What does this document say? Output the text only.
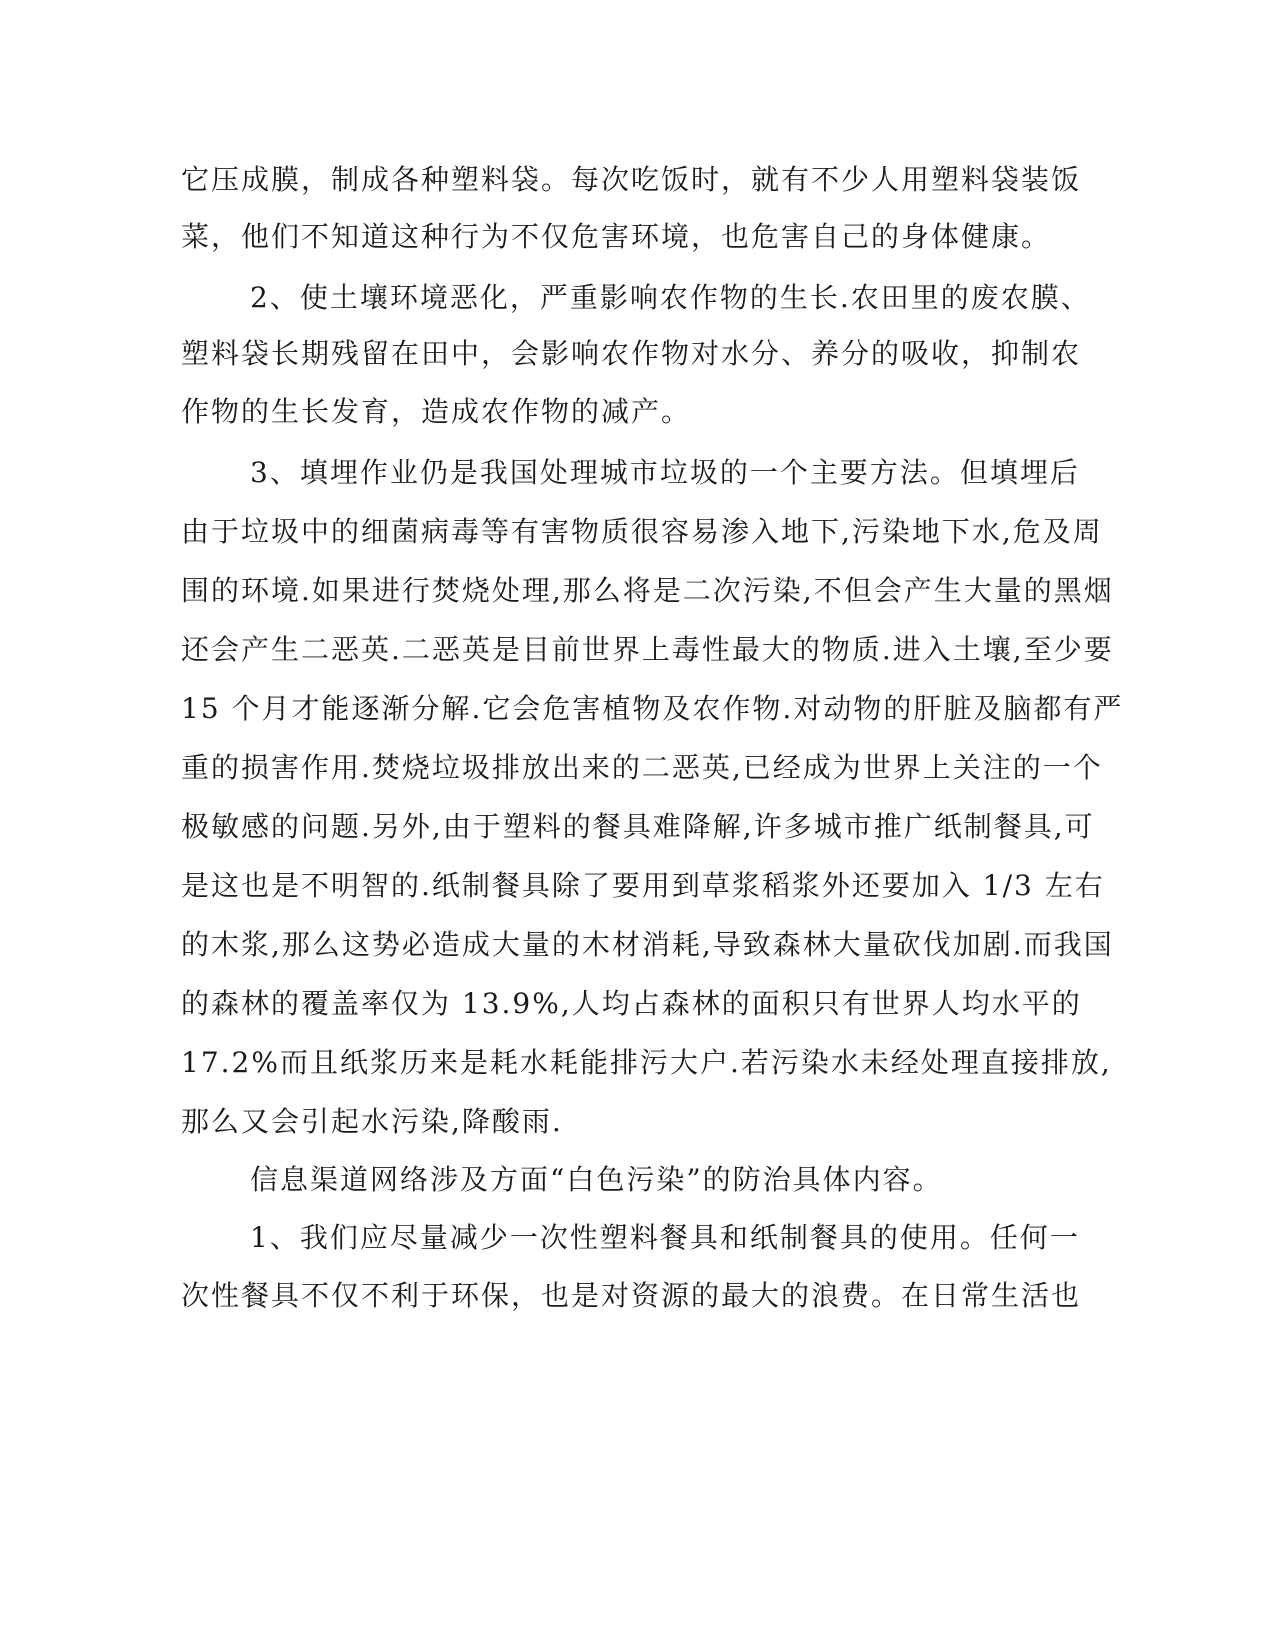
它压成膜，制成各种塑料袋。每次吃饭时，就有不少人用塑料袋装饭
菜，他们不知道这种行为不仅危害环境，也危害自己的身体健康。
2、使土壤环境恶化，严重影响农作物的生长.农田里的废农膜、
塑料袋长期残留在田中，会影响农作物对水分、养分的吸收，抑制农
作物的生长发育，造成农作物的减产。
3、填埋作业仍是我国处理城市垃圾的一个主要方法。但填埋后
由于垃圾中的细菌病毒等有害物质很容易渗入地下,污染地下水,危及周
围的环境.如果进行焚烧处理,那么将是二次污染,不但会产生大量的黑烟
还会产生二恶英.二恶英是目前世界上毒性最大的物质.进入土壤,至少要
15 个月才能逐渐分解.它会危害植物及农作物.对动物的肝脏及脑都有严
重的损害作用.焚烧垃圾排放出来的二恶英,已经成为世界上关注的一个
极敏感的问题.另外,由于塑料的餐具难降解,许多城市推广纸制餐具,可
是这也是不明智的.纸制餐具除了要用到草浆稻浆外还要加入 1/3 左右
的木浆,那么这势必造成大量的木材消耗,导致森林大量砍伐加剧.而我国
的森林的覆盖率仅为 13.9%,人均占森林的面积只有世界人均水平的
17.2%而且纸浆历来是耗水耗能排污大户.若污染水未经处理直接排放,
那么又会引起水污染,降酸雨.
信息渠道网络涉及方面“白色污染”的防治具体内容。
1、我们应尽量减少一次性塑料餐具和纸制餐具的使用。任何一
次性餐具不仅不利于环保，也是对资源的最大的浪费。在日常生活也
